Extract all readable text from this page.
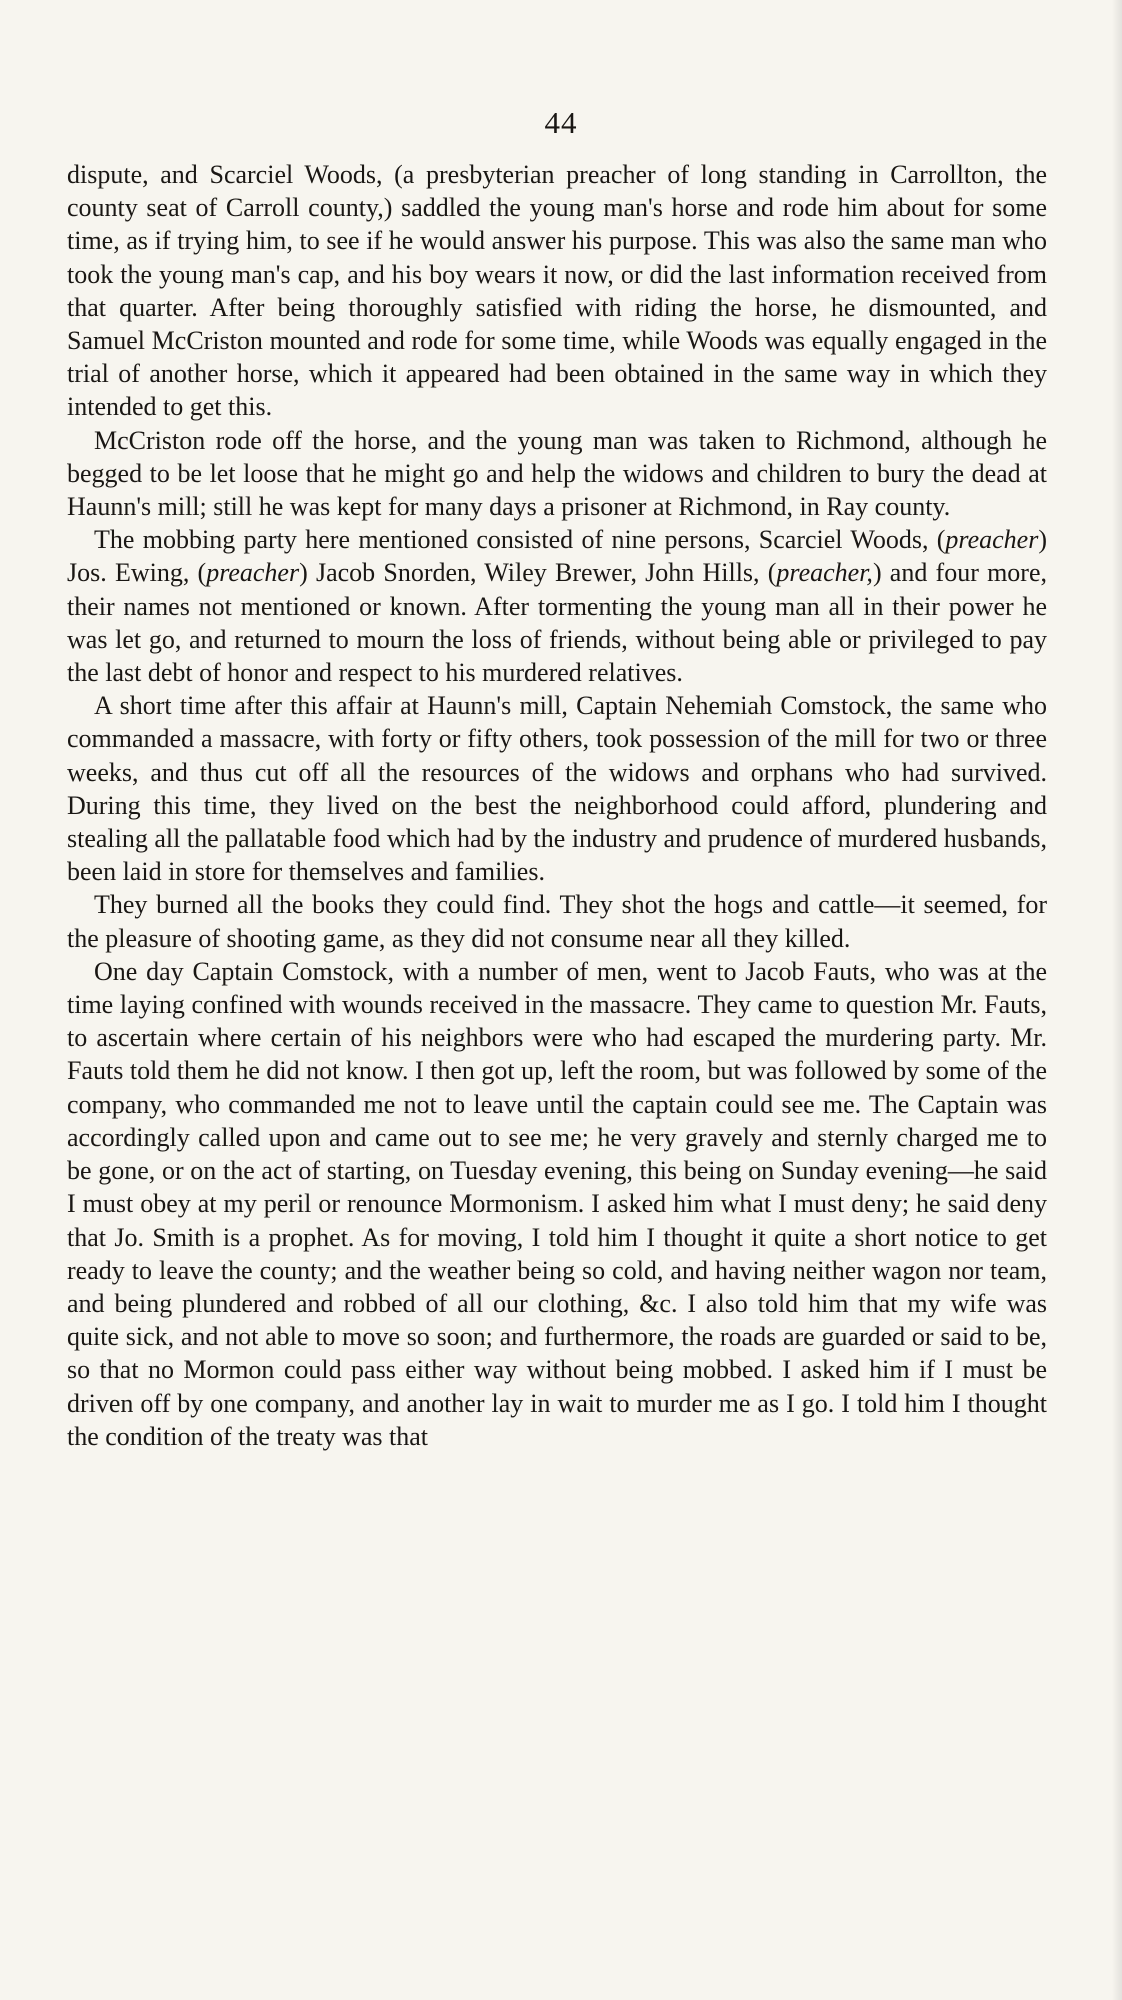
44

dispute, and Scarciel Woods, (a presbyterian preacher of long standing in Carrollton, the county seat of Carroll county,) saddled the young man's horse and rode him about for some time, as if trying him, to see if he would answer his purpose. This was also the same man who took the young man's cap, and his boy wears it now, or did the last information received from that quarter. After being thoroughly satisfied with riding the horse, he dismounted, and Samuel McCriston mounted and rode for some time, while Woods was equally engaged in the trial of another horse, which it appeared had been obtained in the same way in which they intended to get this.

McCriston rode off the horse, and the young man was taken to Richmond, although he begged to be let loose that he might go and help the widows and children to bury the dead at Haunn's mill; still he was kept for many days a prisoner at Richmond, in Ray county.

The mobbing party here mentioned consisted of nine persons, Scarciel Woods, (preacher) Jos. Ewing, (preacher) Jacob Snorden, Wiley Brewer, John Hills, (preacher,) and four more, their names not mentioned or known. After tormenting the young man all in their power he was let go, and returned to mourn the loss of friends, without being able or privileged to pay the last debt of honor and respect to his murdered relatives.

A short time after this affair at Haunn's mill, Captain Nehemiah Comstock, the same who commanded a massacre, with forty or fifty others, took possession of the mill for two or three weeks, and thus cut off all the resources of the widows and orphans who had survived. During this time, they lived on the best the neighborhood could afford, plundering and stealing all the pallatable food which had by the industry and prudence of murdered husbands, been laid in store for themselves and families.

They burned all the books they could find. They shot the hogs and cattle—it seemed, for the pleasure of shooting game, as they did not consume near all they killed.

One day Captain Comstock, with a number of men, went to Jacob Fauts, who was at the time laying confined with wounds received in the massacre. They came to question Mr. Fauts, to ascertain where certain of his neighbors were who had escaped the murdering party. Mr. Fauts told them he did not know. I then got up, left the room, but was followed by some of the company, who commanded me not to leave until the captain could see me. The Captain was accordingly called upon and came out to see me; he very gravely and sternly charged me to be gone, or on the act of starting, on Tuesday evening, this being on Sunday evening—he said I must obey at my peril or renounce Mormonism. I asked him what I must deny; he said deny that Jo. Smith is a prophet. As for moving, I told him I thought it quite a short notice to get ready to leave the county; and the weather being so cold, and having neither wagon nor team, and being plundered and robbed of all our clothing, &c. I also told him that my wife was quite sick, and not able to move so soon; and furthermore, the roads are guarded or said to be, so that no Mormon could pass either way without being mobbed. I asked him if I must be driven off by one company, and another lay in wait to murder me as I go. I told him I thought the condition of the treaty was that
